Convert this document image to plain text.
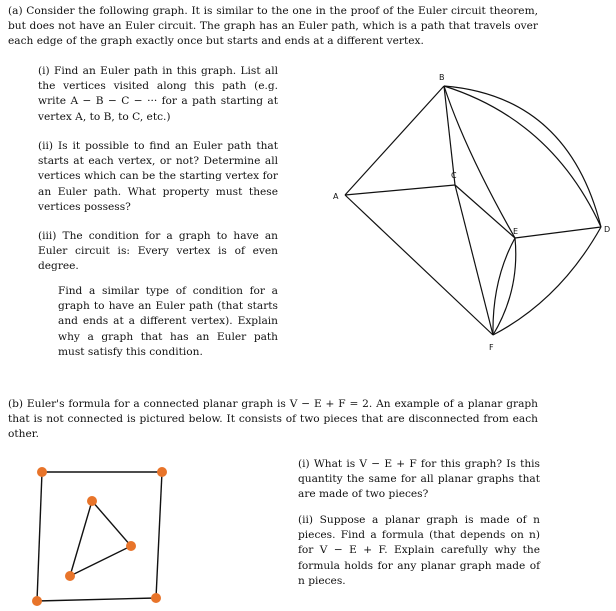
(a) Consider the following graph. It is similar to the one in the proof of the Euler circuit theorem, but does not have an Euler circuit. The graph has an Euler path, which is a path that travels over each edge of the graph exactly once but starts and ends at a different vertex.
(i) Find an Euler path in this graph. List all the vertices visited along this path (e.g. write A − B − C − ··· for a path starting at vertex A, to B, to C, etc.)
(ii) Is it possible to find an Euler path that starts at each vertex, or not? Determine all vertices which can be the starting vertex for an Euler path. What property must these vertices possess?
(iii) The condition for a graph to have an Euler circuit is: Every vertex is of even degree.
Find a similar type of condition for a graph to have an Euler path (that starts and ends at a different vertex). Explain why a graph that has an Euler path must satisfy this condition.
A
B
C
D
E
F
(b) Euler's formula for a connected planar graph is V − E + F = 2. An example of a planar graph that is not connected is pictured below. It consists of two pieces that are disconnected from each other.
(i) What is V − E + F for this graph? Is this quantity the same for all planar graphs that are made of two pieces?
(ii) Suppose a planar graph is made of n pieces. Find a formula (that depends on n) for V − E + F. Explain carefully why the formula holds for any planar graph made of n pieces.
